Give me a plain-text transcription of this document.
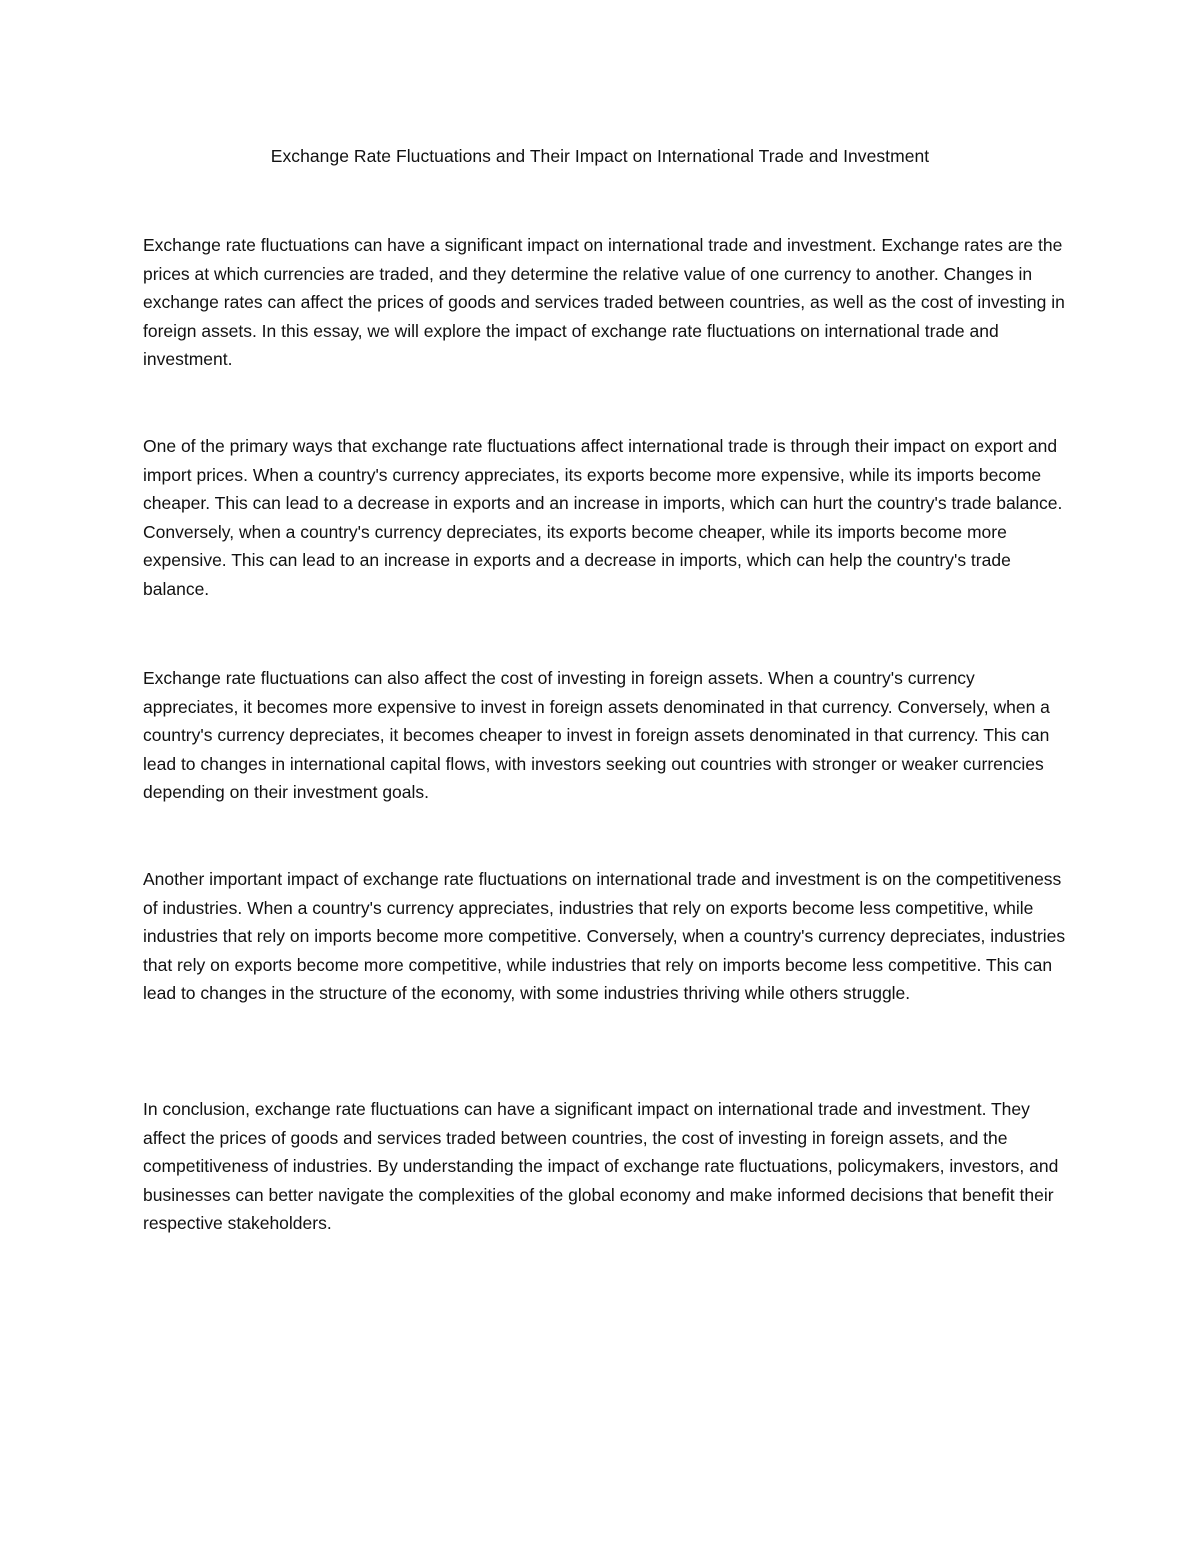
Exchange Rate Fluctuations and Their Impact on International Trade and Investment

Exchange rate fluctuations can have a significant impact on international trade and investment. Exchange rates are the prices at which currencies are traded, and they determine the relative value of one currency to another. Changes in exchange rates can affect the prices of goods and services traded between countries, as well as the cost of investing in foreign assets. In this essay, we will explore the impact of exchange rate fluctuations on international trade and investment.

One of the primary ways that exchange rate fluctuations affect international trade is through their impact on export and import prices. When a country's currency appreciates, its exports become more expensive, while its imports become cheaper. This can lead to a decrease in exports and an increase in imports, which can hurt the country's trade balance. Conversely, when a country's currency depreciates, its exports become cheaper, while its imports become more expensive. This can lead to an increase in exports and a decrease in imports, which can help the country's trade balance.

Exchange rate fluctuations can also affect the cost of investing in foreign assets. When a country's currency appreciates, it becomes more expensive to invest in foreign assets denominated in that currency. Conversely, when a country's currency depreciates, it becomes cheaper to invest in foreign assets denominated in that currency. This can lead to changes in international capital flows, with investors seeking out countries with stronger or weaker currencies depending on their investment goals.

Another important impact of exchange rate fluctuations on international trade and investment is on the competitiveness of industries. When a country's currency appreciates, industries that rely on exports become less competitive, while industries that rely on imports become more competitive. Conversely, when a country's currency depreciates, industries that rely on exports become more competitive, while industries that rely on imports become less competitive. This can lead to changes in the structure of the economy, with some industries thriving while others struggle.

In conclusion, exchange rate fluctuations can have a significant impact on international trade and investment. They affect the prices of goods and services traded between countries, the cost of investing in foreign assets, and the competitiveness of industries. By understanding the impact of exchange rate fluctuations, policymakers, investors, and businesses can better navigate the complexities of the global economy and make informed decisions that benefit their respective stakeholders.
